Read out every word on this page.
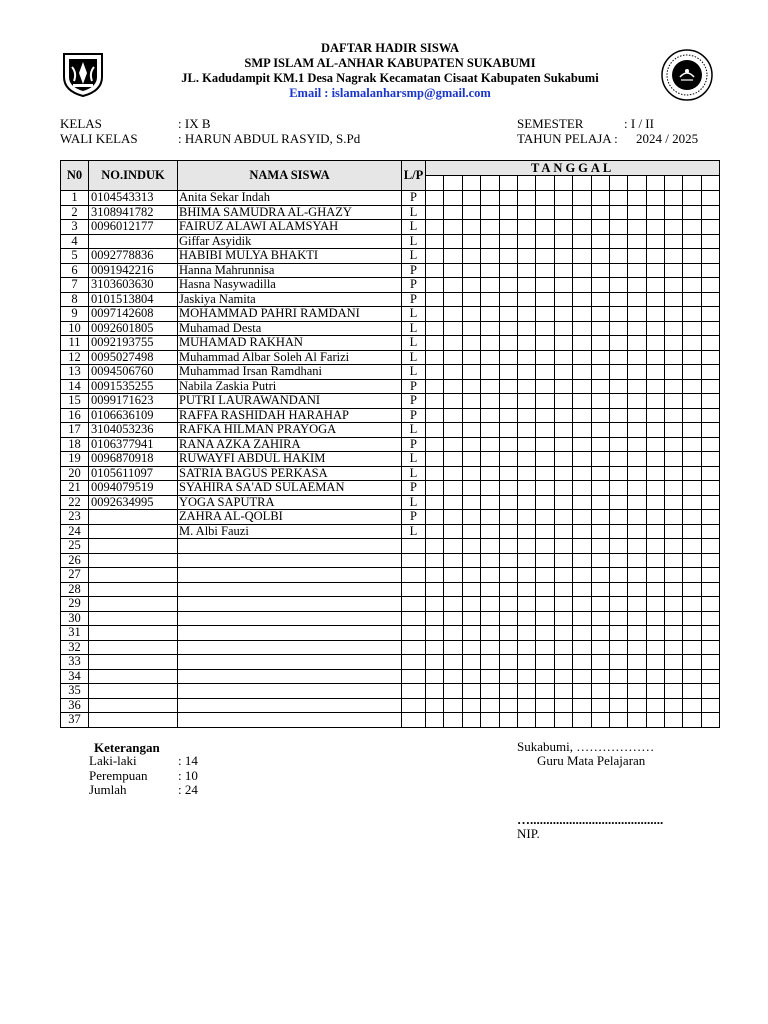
DAFTAR HADIR SISWA
SMP ISLAM AL-ANHAR KABUPATEN SUKABUMI
JL. Kadudampit KM.1 Desa Nagrak Kecamatan Cisaat Kabupaten Sukabumi
Email : islamalanharsmp@gmail.com
KELAS	: IX B
WALI KELAS	: HARUN ABDUL RASYID, S.Pd
SEMESTER	: I / II
TAHUN PELAJA : 2024 / 2025
N0	NO.INDUK	NAMA SISWA	L/P	TANGGAL															

1	0104543313	Anita Sekar Indah	P																
2	3108941782	BHIMA SAMUDRA AL-GHAZY	L																
3	0096012177	FAIRUZ ALAWI ALAMSYAH	L																
4		Giffar Asyidik	L																
5	0092778836	HABIBI MULYA BHAKTI	L																
6	0091942216	Hanna Mahrunnisa	P																
7	3103603630	Hasna Nasywadilla	P																
8	0101513804	Jaskiya Namita	P																
9	0097142608	MOHAMMAD PAHRI RAMDANI	L																
10	0092601805	Muhamad Desta	L																
11	0092193755	MUHAMAD RAKHAN	L																
12	0095027498	Muhammad Albar Soleh Al Farizi	L																
13	0094506760	Muhammad Irsan Ramdhani	L																
14	0091535255	Nabila Zaskia Putri	P																
15	0099171623	PUTRI LAURAWANDANI	P																
16	0106636109	RAFFA RASHIDAH HARAHAP	P																
17	3104053236	RAFKA HILMAN PRAYOGA	L																
18	0106377941	RANA AZKA ZAHIRA	P																
19	0096870918	RUWAYFI ABDUL HAKIM	L																
20	0105611097	SATRIA BAGUS PERKASA	L																
21	0094079519	SYAHIRA SA'AD SULAEMAN	P																
22	0092634995	YOGA SAPUTRA	L																
23		ZAHRA AL-QOLBI	P																
24		M. Albi Fauzi	L																
25																			
26																			
27																			
28																			
29																			
30																			
31																			
32																			
33																			
34																			
35																			
36																			
37																			
Keterangan
Laki-laki	: 14
Perempuan : 10
Jumlah	: 24
Sukabumi, ………………
Guru Mata Pelajaran
….........................................
NIP.
